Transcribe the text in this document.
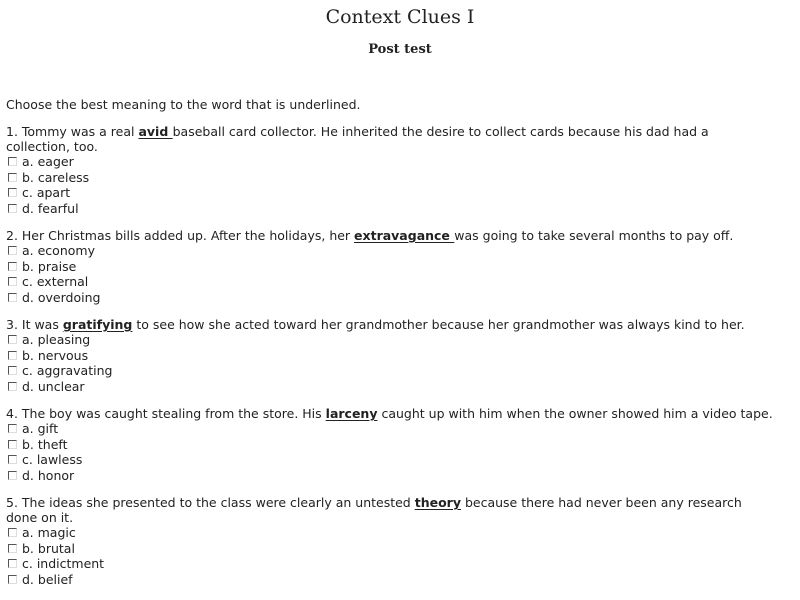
Context Clues I
Post test

Choose the best meaning to the word that is underlined.

1. Tommy was a real avid baseball card collector. He inherited the desire to collect cards because his dad had a collection, too.

a. eager
b. careless
c. apart
d. fearful

2. Her Christmas bills added up. After the holidays, her extravagance was going to take several months to pay off.

a. economy
b. praise
c. external
d. overdoing

3. It was gratifying to see how she acted toward her grandmother because her grandmother was always kind to her.

a. pleasing
b. nervous
c. aggravating
d. unclear

4. The boy was caught stealing from the store. His larceny caught up with him when the owner showed him a video tape.

a. gift
b. theft
c. lawless
d. honor

5. The ideas she presented to the class were clearly an untested theory because there had never been any research done on it.

a. magic
b. brutal
c. indictment
d. belief
